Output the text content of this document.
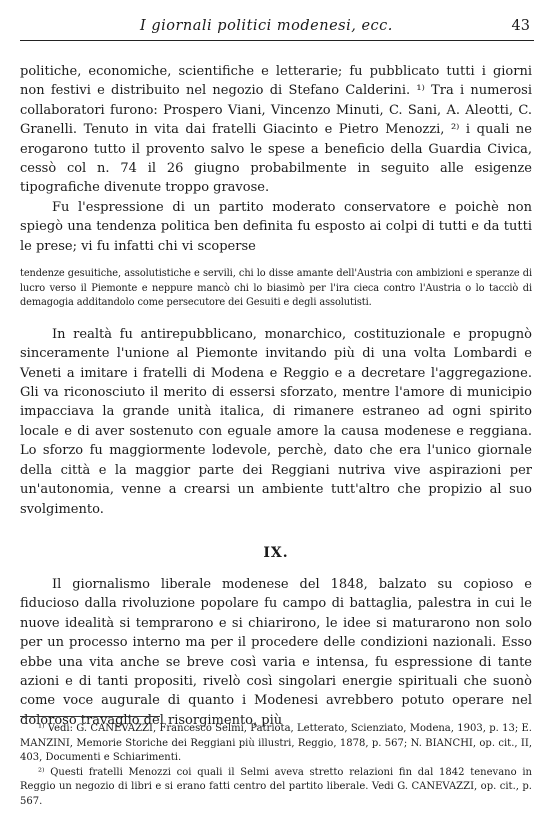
I giornali politici modenesi, ecc.	43

politiche, economiche, scientifiche e letterarie; fu pubblicato tutti i giorni non festivi e distribuito nel negozio di Stefano Calderini. ¹⁾ Tra i numerosi collaboratori furono: Prospero Viani, Vincenzo Minuti, C. Sani, A. Aleotti, C. Granelli. Tenuto in vita dai fratelli Giacinto e Pietro Menozzi, ²⁾ i quali ne erogarono tutto il provento salvo le spese a beneficio della Guardia Civica, cessò col n. 74 il 26 giugno probabilmente in seguito alle esigenze tipografiche divenute troppo gravose.

Fu l'espressione di un partito moderato conservatore e poichè non spiegò una tendenza politica ben definita fu esposto ai colpi di tutti e da tutti le prese; vi fu infatti chi vi scoperse

tendenze gesuitiche, assolutistiche e servili, chi lo disse amante dell'Austria con ambizioni e speranze di lucro verso il Piemonte e neppure mancò chi lo biasimò per l'ira cieca contro l'Austria o lo tacciò di demagogia additandolo come persecutore dei Gesuiti e degli assolutisti.

In realtà fu antirepubblicano, monarchico, costituzionale e propugnò sinceramente l'unione al Piemonte invitando più di una volta Lombardi e Veneti a imitare i fratelli di Modena e Reggio e a decretare l'aggregazione. Gli va riconosciuto il merito di essersi sforzato, mentre l'amore di municipio impacciava la grande unità italica, di rimanere estraneo ad ogni spirito locale e di aver sostenuto con eguale amore la causa modenese e reggiana. Lo sforzo fu maggiormente lodevole, perchè, dato che era l'unico giornale della città e la maggior parte dei Reggiani nutriva vive aspirazioni per un'autonomia, venne a crearsi un ambiente tutt'altro che propizio al suo svolgimento.

IX.

Il giornalismo liberale modenese del 1848, balzato su copioso e fiducioso dalla rivoluzione popolare fu campo di battaglia, palestra in cui le nuove idealità si temprarono e si chiarirono, le idee si maturarono non solo per un processo interno ma per il procedere delle condizioni nazionali. Esso ebbe una vita anche se breve così varia e intensa, fu espressione di tante azioni e di tanti propositi, rivelò così singolari energie spirituali che suonò come voce augurale di quanto i Modenesi avrebbero potuto operare nel doloroso travaglio del risorgimento, più

¹⁾ Vedi: G. CANEVAZZI, Francesco Selmi, Patriota, Letterato, Scienziato, Modena, 1903, p. 13; E. MANZINI, Memorie Storiche dei Reggiani più illustri, Reggio, 1878, p. 567; N. BIANCHI, op. cit., II, 403, Documenti e Schiarimenti.

²⁾ Questi fratelli Menozzi coi quali il Selmi aveva stretto relazioni fin dal 1842 tenevano in Reggio un negozio di libri e si erano fatti centro del partito liberale. Vedi G. CANEVAZZI, op. cit., p. 567.
